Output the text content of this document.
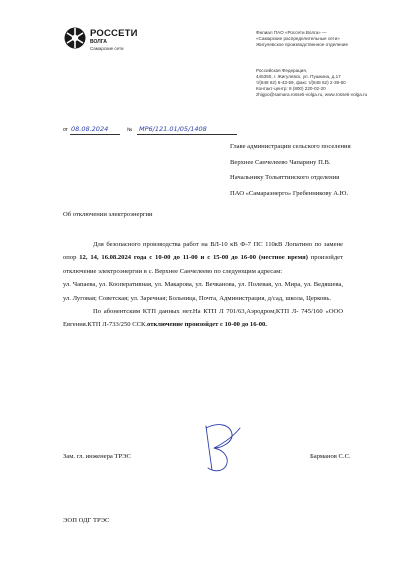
РОССЕТИ
ВОЛГА
Самарские сети
Филиал ПАО «Россети Волга» —
«Самарские распределительные сети»
Жигулевское производственное отделение
Российская Федерация,
445350, г. Жигулевск, ул. Пушкина, д.17
т/(848 62) 6-43-59, факс т/(848 62) 2-39-50
Контакт-центр: 8 (800) 220-02-20
zhigpo@samara.rosseti-volga.ru, www.rosseti-volga.ru
от 08.08.2024	№ МР6/121.01/05/1408
Главе администрации сельского поселения
Верхнее Санчелеево Чапарину П.В.
Начальнику Тольяттинского отделения
ПАО «Самараэнерго» Гребенникову А.Ю.
Об отключении электроэнергии

Для безопасного производства работ на ВЛ-10 кВ Ф-7 ПС 110кВ Лопатино по замене опор 12, 14, 16.08.2024 года с 10-00 до 11-00 и с 15-00 до 16-00 (местное время) произойдет отключение электроэнергии в с. Верхнее Санчелеево по следующим адресам:

ул. Чапаева, ул. Кооперативная, ул. Макарова, ул. Вечканова, ул. Полевая, ул. Мира, ул. Ведяшева, ул. Луговая; Советская; ул. Заречная; Больница, Почта, Администрация, д/сад, школа, Церковь.

По абонентским КТП данных нет.На КТП Л 701/63,Аэродром,КТП Л- 745/160 «ООО Евгения.КТП Л-733/250 ССК.отключение произойдет с 10-00 до 16-00.

Зам. гл. инженера ТРЭС	Барманов С.С.
ЭОП ОДГ ТРЭС
